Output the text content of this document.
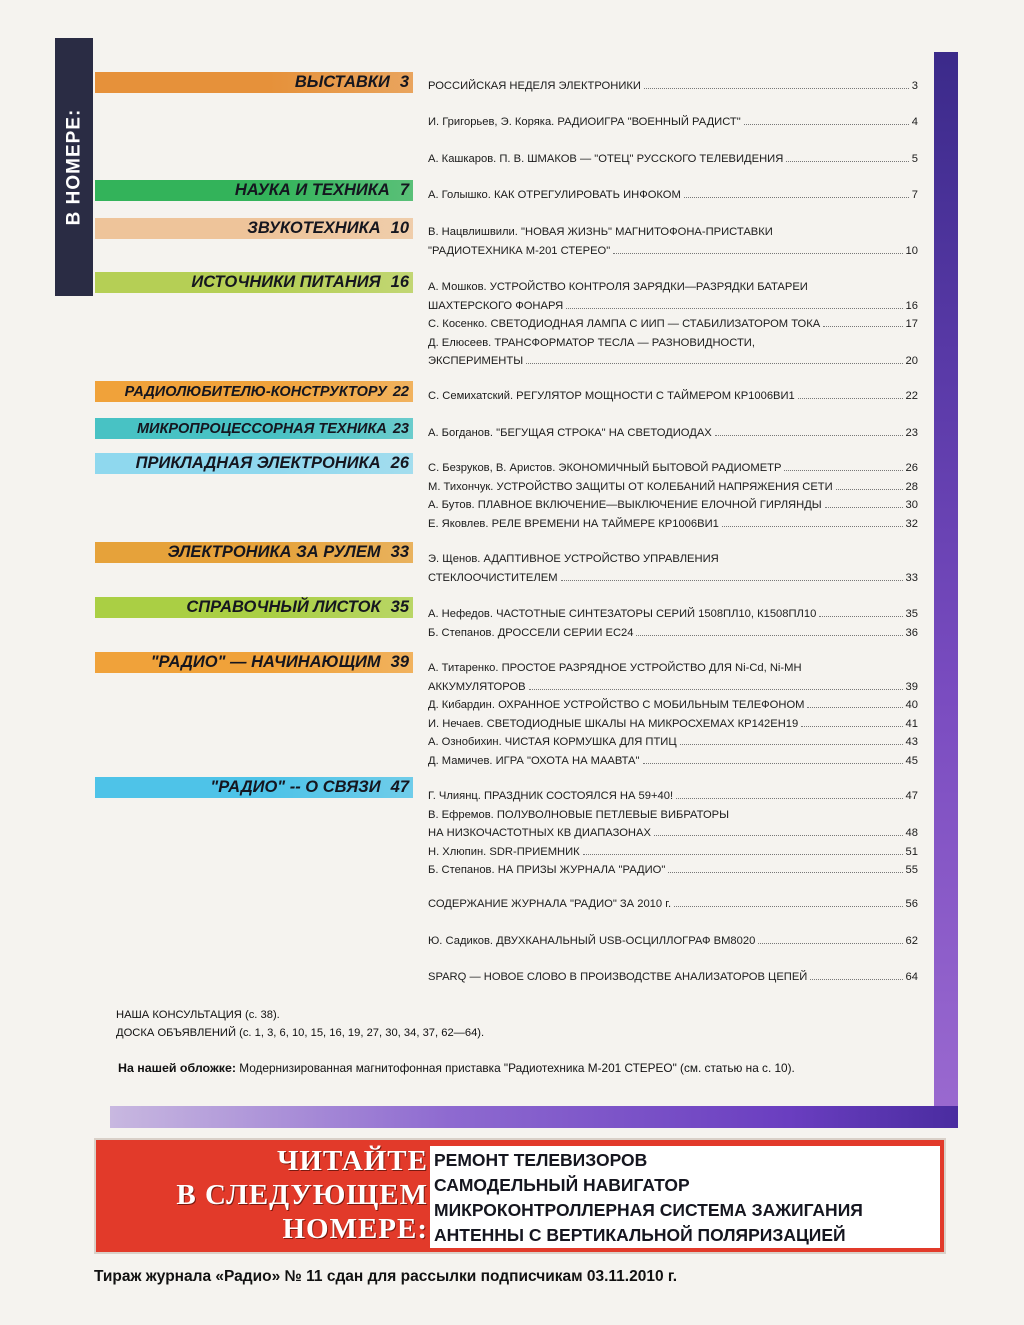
В НОМЕРЕ:
ВЫСТАВКИ 3
НАУКА И ТЕХНИКА 7
ЗВУКОТЕХНИКА 10
ИСТОЧНИКИ ПИТАНИЯ 16
РАДИОЛЮБИТЕЛЮ-КОНСТРУКТОРУ 22
МИКРОПРОЦЕССОРНАЯ ТЕХНИКА 23
ПРИКЛАДНАЯ ЭЛЕКТРОНИКА 26
ЭЛЕКТРОНИКА ЗА РУЛЕМ 33
СПРАВОЧНЫЙ ЛИСТОК 35
"РАДИО" — НАЧИНАЮЩИМ 39
"РАДИО" -- О СВЯЗИ 47
РОССИЙСКАЯ НЕДЕЛЯ ЭЛЕКТРОНИКИ	3
И. Григорьев, Э. Коряка. РАДИОИГРА "ВОЕННЫЙ РАДИСТ"	4
А. Кашкаров. П. В. ШМАКОВ — "ОТЕЦ" РУССКОГО ТЕЛЕВИДЕНИЯ	5
А. Голышко. КАК ОТРЕГУЛИРОВАТЬ ИНФОКОМ	7
В. Нацвлишвили. "НОВАЯ ЖИЗНЬ" МАГНИТОФОНА-ПРИСТАВКИ
"РАДИОТЕХНИКА М-201 СТЕРЕО"	10
А. Мошков. УСТРОЙСТВО КОНТРОЛЯ ЗАРЯДКИ—РАЗРЯДКИ БАТАРЕИ
ШАХТЕРСКОГО ФОНАРЯ	16
С. Косенко. СВЕТОДИОДНАЯ ЛАМПА С ИИП — СТАБИЛИЗАТОРОМ ТОКА	17
Д. Елюсеев. ТРАНСФОРМАТОР ТЕСЛА — РАЗНОВИДНОСТИ,
ЭКСПЕРИМЕНТЫ	20
С. Семихатский. РЕГУЛЯТОР МОЩНОСТИ С ТАЙМЕРОМ КР1006ВИ1	22
А. Богданов. "БЕГУЩАЯ СТРОКА" НА СВЕТОДИОДАХ	23
С. Безруков, В. Аристов. ЭКОНОМИЧНЫЙ БЫТОВОЙ РАДИОМЕТР	26
М. Тихончук. УСТРОЙСТВО ЗАЩИТЫ ОТ КОЛЕБАНИЙ НАПРЯЖЕНИЯ СЕТИ	28
А. Бутов. ПЛАВНОЕ ВКЛЮЧЕНИЕ—ВЫКЛЮЧЕНИЕ ЕЛОЧНОЙ ГИРЛЯНДЫ	30
Е. Яковлев. РЕЛЕ ВРЕМЕНИ НА ТАЙМЕРЕ КР1006ВИ1	32
Э. Щенов. АДАПТИВНОЕ УСТРОЙСТВО УПРАВЛЕНИЯ
СТЕКЛООЧИСТИТЕЛЕМ	33
А. Нефедов. ЧАСТОТНЫЕ СИНТЕЗАТОРЫ СЕРИЙ 1508ПЛ10, К1508ПЛ10	35
Б. Степанов. ДРОССЕЛИ СЕРИИ ЕС24	36
А. Титаренко. ПРОСТОЕ РАЗРЯДНОЕ УСТРОЙСТВО ДЛЯ Ni-Cd, Ni-MH
АККУМУЛЯТОРОВ	39
Д. Кибардин. ОХРАННОЕ УСТРОЙСТВО С МОБИЛЬНЫМ ТЕЛЕФОНОМ	40
И. Нечаев. СВЕТОДИОДНЫЕ ШКАЛЫ НА МИКРОСХЕМАХ КР142ЕН19	41
А. Ознобихин. ЧИСТАЯ КОРМУШКА ДЛЯ ПТИЦ	43
Д. Мамичев. ИГРА "ОХОТА НА МААВТА"	45
Г. Члиянц. ПРАЗДНИК СОСТОЯЛСЯ НА 59+40!	47
В. Ефремов. ПОЛУВОЛНОВЫЕ ПЕТЛЕВЫЕ ВИБРАТОРЫ
НА НИЗКОЧАСТОТНЫХ КВ ДИАПАЗОНАХ	48
Н. Хлюпин. SDR-ПРИЕМНИК	51
Б. Степанов. НА ПРИЗЫ ЖУРНАЛА "РАДИО"	55
СОДЕРЖАНИЕ ЖУРНАЛА "РАДИО" ЗА 2010 г.	56
Ю. Садиков. ДВУХКАНАЛЬНЫЙ USB-ОСЦИЛЛОГРАФ ВМ8020	62
SPARQ — НОВОЕ СЛОВО В ПРОИЗВОДСТВЕ АНАЛИЗАТОРОВ ЦЕПЕЙ	64
НАША КОНСУЛЬТАЦИЯ (с. 38).
ДОСКА ОБЪЯВЛЕНИЙ (с. 1, 3, 6, 10, 15, 16, 19, 27, 30, 34, 37, 62—64).
На нашей обложке: Модернизированная магнитофонная приставка "Радиотехника М-201 СТЕРЕО" (см. статью на с. 10).
ЧИТАЙТЕ
В СЛЕДУЮЩЕМ
НОМЕРЕ:
РЕМОНТ ТЕЛЕВИЗОРОВ
САМОДЕЛЬНЫЙ НАВИГАТОР
МИКРОКОНТРОЛЛЕРНАЯ СИСТЕМА ЗАЖИГАНИЯ
АНТЕННЫ С ВЕРТИКАЛЬНОЙ ПОЛЯРИЗАЦИЕЙ
Тираж журнала «Радио» № 11 сдан для рассылки подписчикам 03.11.2010 г.
